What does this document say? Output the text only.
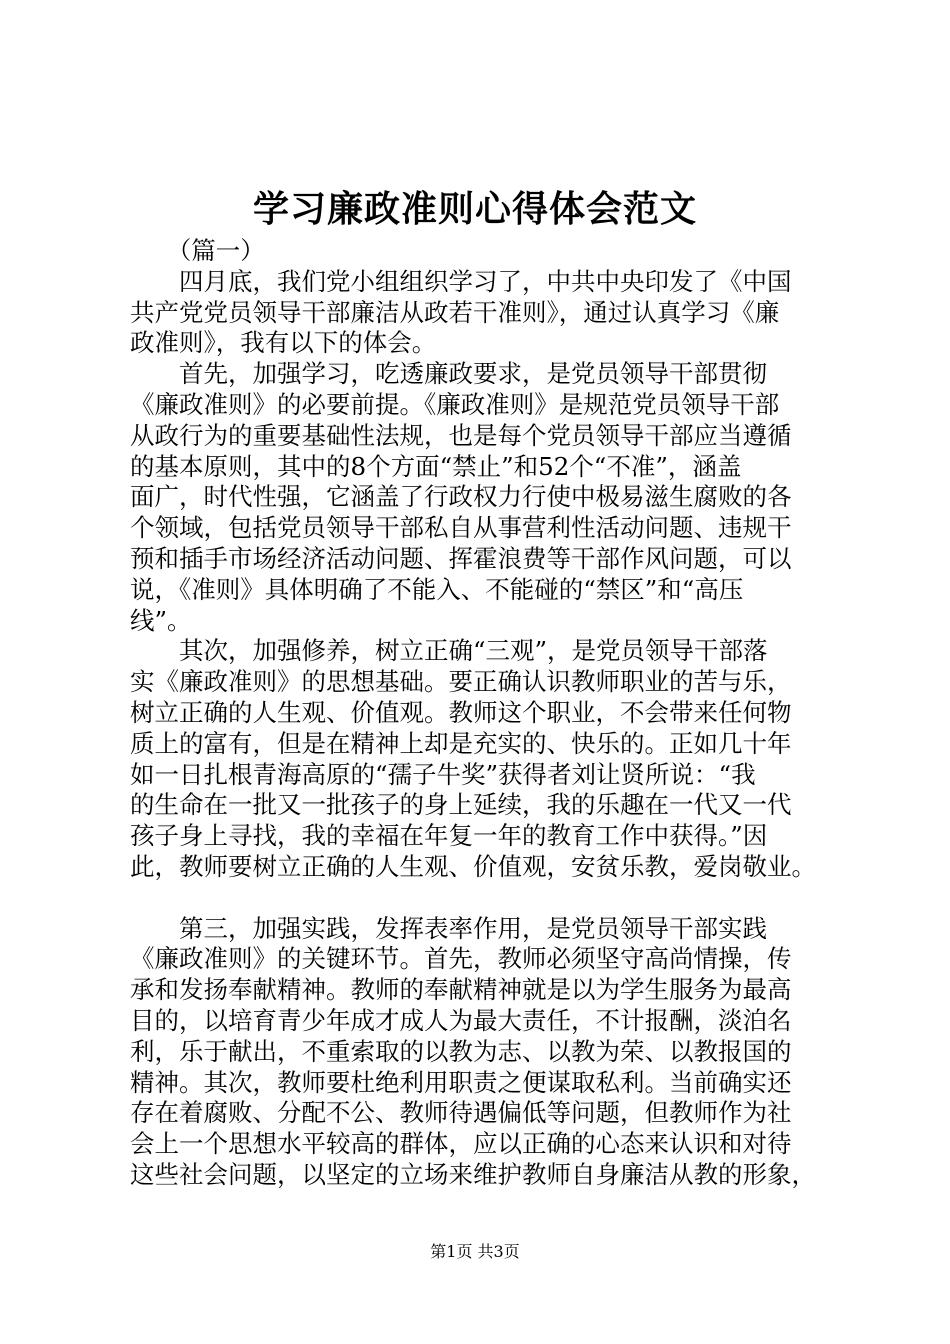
学习廉政准则心得体会范文
　　（篇一）
　　四月底，我们党小组组织学习了，中共中央印发了《中国
共产党党员领导干部廉洁从政若干准则》，通过认真学习《廉
政准则》，我有以下的体会。
　　首先，加强学习，吃透廉政要求，是党员领导干部贯彻
《廉政准则》的必要前提。《廉政准则》是规范党员领导干部
从政行为的重要基础性法规，也是每个党员领导干部应当遵循
的基本原则，其中的8个方面“禁止”和52个“不准”，涵盖
面广，时代性强，它涵盖了行政权力行使中极易滋生腐败的各
个领域，包括党员领导干部私自从事营利性活动问题、违规干
预和插手市场经济活动问题、挥霍浪费等干部作风问题，可以
说，《准则》具体明确了不能入、不能碰的“禁区”和“高压
线”。
　　其次，加强修养，树立正确“三观”，是党员领导干部落
实《廉政准则》的思想基础。要正确认识教师职业的苦与乐，
树立正确的人生观、价值观。教师这个职业，不会带来任何物
质上的富有，但是在精神上却是充实的、快乐的。正如几十年
如一日扎根青海高原的“孺子牛奖”获得者刘让贤所说：“我
的生命在一批又一批孩子的身上延续，我的乐趣在一代又一代
孩子身上寻找，我的幸福在年复一年的教育工作中获得。”因
此，教师要树立正确的人生观、价值观，安贫乐教，爱岗敬业。
　　第三，加强实践，发挥表率作用，是党员领导干部实践
《廉政准则》的关键环节。首先，教师必须坚守高尚情操，传
承和发扬奉献精神。教师的奉献精神就是以为学生服务为最高
目的，以培育青少年成才成人为最大责任，不计报酬，淡泊名
利，乐于献出，不重索取的以教为志、以教为荣、以教报国的
精神。其次，教师要杜绝利用职责之便谋取私利。当前确实还
存在着腐败、分配不公、教师待遇偏低等问题，但教师作为社
会上一个思想水平较高的群体，应以正确的心态来认识和对待
这些社会问题，以坚定的立场来维护教师自身廉洁从教的形象，
第1页 共3页
